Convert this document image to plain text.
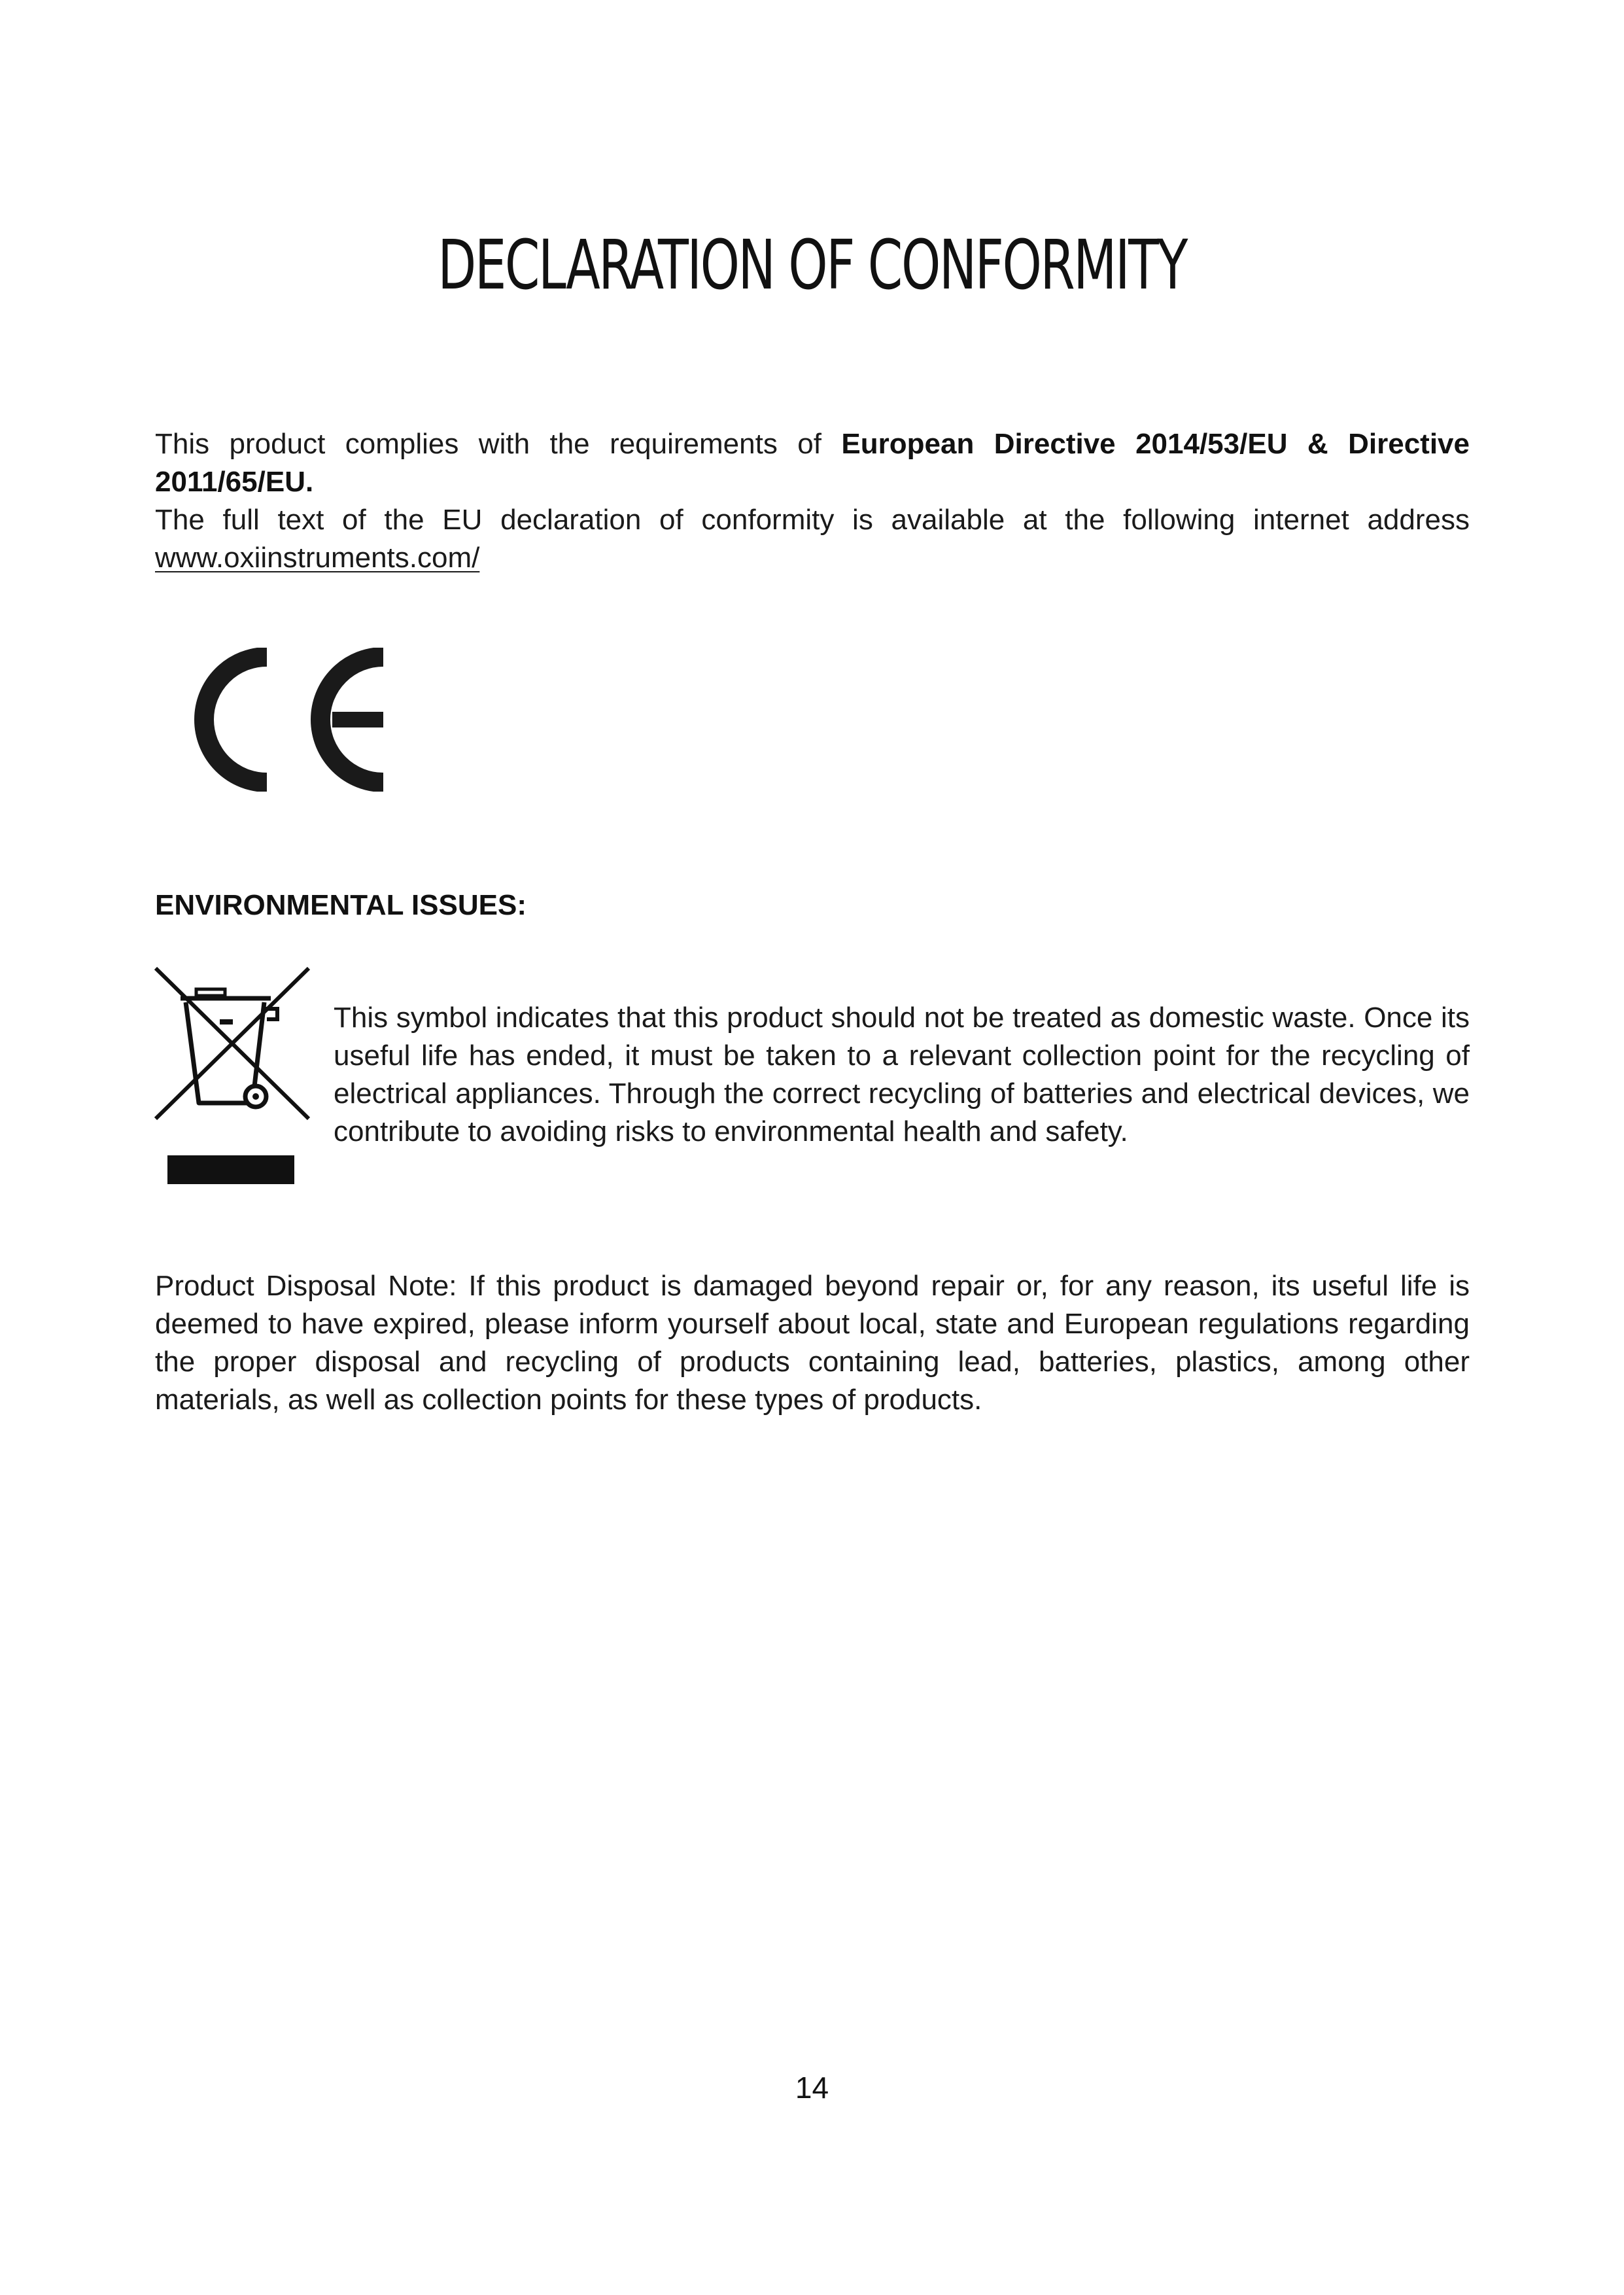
DECLARATION OF CONFORMITY

This product complies with the requirements of European Directive 2014/53/EU & Directive 2011/65/EU.

The full text of the EU declaration of conformity is available at the following internet address www.oxiinstruments.com/

ENVIRONMENTAL ISSUES:
This symbol indicates that this product should not be treated as domestic waste. Once its useful life has ended, it must be taken to a relevant collection point for the recycling of electrical appliances. Through the correct recycling of batteries and electrical devices, we contribute to avoiding risks to environmental health and safety.
Product Disposal Note: If this product is damaged beyond repair or, for any reason, its useful life is deemed to have expired, please inform yourself about local, state and European regulations regarding the proper disposal and recycling of products containing lead, batteries, plastics, among other materials, as well as collection points for these types of products.
14
